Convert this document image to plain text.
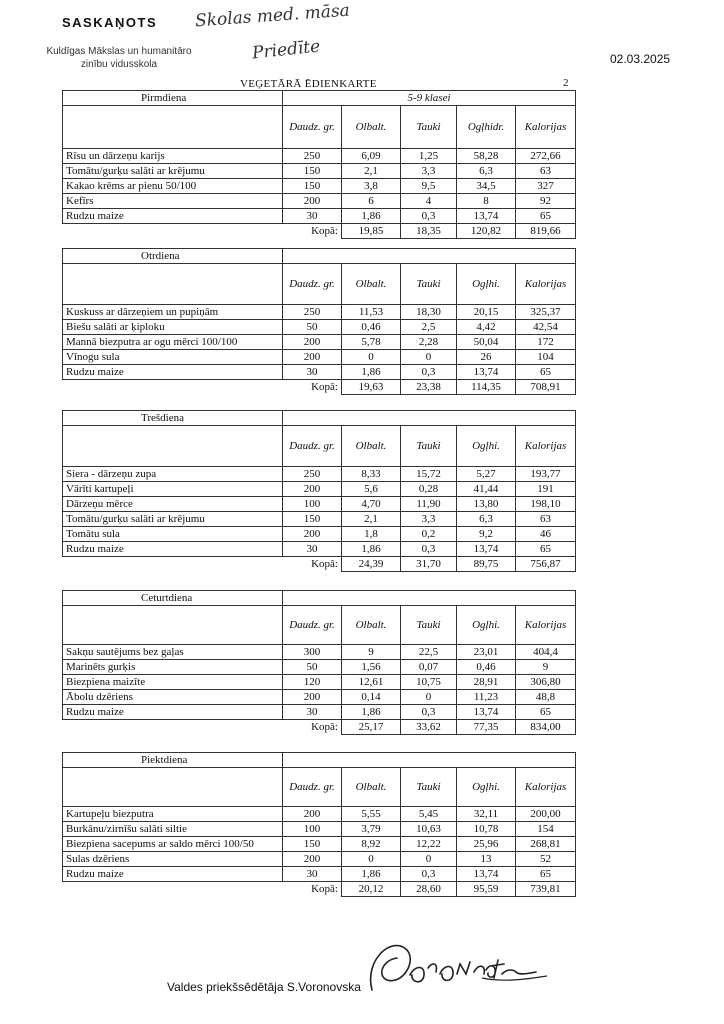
SASKAŅOTS
Kuldīgas Mākslas un humanitāro zinību vidusskola
Skolas med. māsa
Priedīte	02.03.2025
VEĢETĀRĀ ĒDIENKARTE	2
Pirmdiena	5-9 klasei				
	Daudz. gr.	Olbalt.	Tauki	Ogļhidr.	Kalorijas
Rīsu un dārzeņu karijs	250	6,09	1,25	58,28	272,66
Tomātu/gurķu salāti ar krējumu	150	2,1	3,3	6,3	63
Kakao krēms ar pienu 50/100	150	3,8	9,5	34,5	327
Kefīrs	200	6	4	8	92
Rudzu maize	30	1,86	0,3	13,74	65
	Kopā:	19,85	18,35	120,82	819,66
Otrdiena					
	Daudz. gr.	Olbalt.	Tauki	Ogļhi.	Kalorijas
Kuskuss ar dārzeņiem un pupiņām	250	11,53	18,30	20,15	325,37
Biešu salāti ar ķiploku	50	0,46	2,5	4,42	42,54
Mannā biezputra ar ogu mērci 100/100	200	5,78	2,28	50,04	172
Vīnogu sula	200	0	0	26	104
Rudzu maize	30	1,86	0,3	13,74	65
	Kopā:	19,63	23,38	114,35	708,91
Trešdiena					
	Daudz. gr.	Olbalt.	Tauki	Ogļhi.	Kalorijas
Siera - dārzeņu zupa	250	8,33	15,72	5,27	193,77
Vārīti kartupeļi	200	5,6	0,28	41,44	191
Dārzeņu mērce	100	4,70	11,90	13,80	198,10
Tomātu/gurķu salāti ar krējumu	150	2,1	3,3	6,3	63
Tomātu sula	200	1,8	0,2	9,2	46
Rudzu maize	30	1,86	0,3	13,74	65
	Kopā:	24,39	31,70	89,75	756,87
Ceturtdiena					
	Daudz. gr.	Olbalt.	Tauki	Ogļhi.	Kalorijas
Sakņu sautējums bez gaļas	300	9	22,5	23,01	404,4
Marinēts gurķis	50	1,56	0,07	0,46	9
Biezpiena maizīte	120	12,61	10,75	28,91	306,80
Ābolu dzēriens	200	0,14	0	11,23	48,8
Rudzu maize	30	1,86	0,3	13,74	65
	Kopā:	25,17	33,62	77,35	834,00
Piektdiena					
	Daudz. gr.	Olbalt.	Tauki	Ogļhi.	Kalorijas
Kartupeļu biezputra	200	5,55	5,45	32,11	200,00
Burkānu/zirnīšu salāti siltie	100	3,79	10,63	10,78	154
Biezpiena sacepums ar saldo mērci 100/50	150	8,92	12,22	25,96	268,81
Sulas dzēriens	200	0	0	13	52
Rudzu maize	30	1,86	0,3	13,74	65
	Kopā:	20,12	28,60	95,59	739,81
Valdes priekšsēdētāja S.Voronovska
